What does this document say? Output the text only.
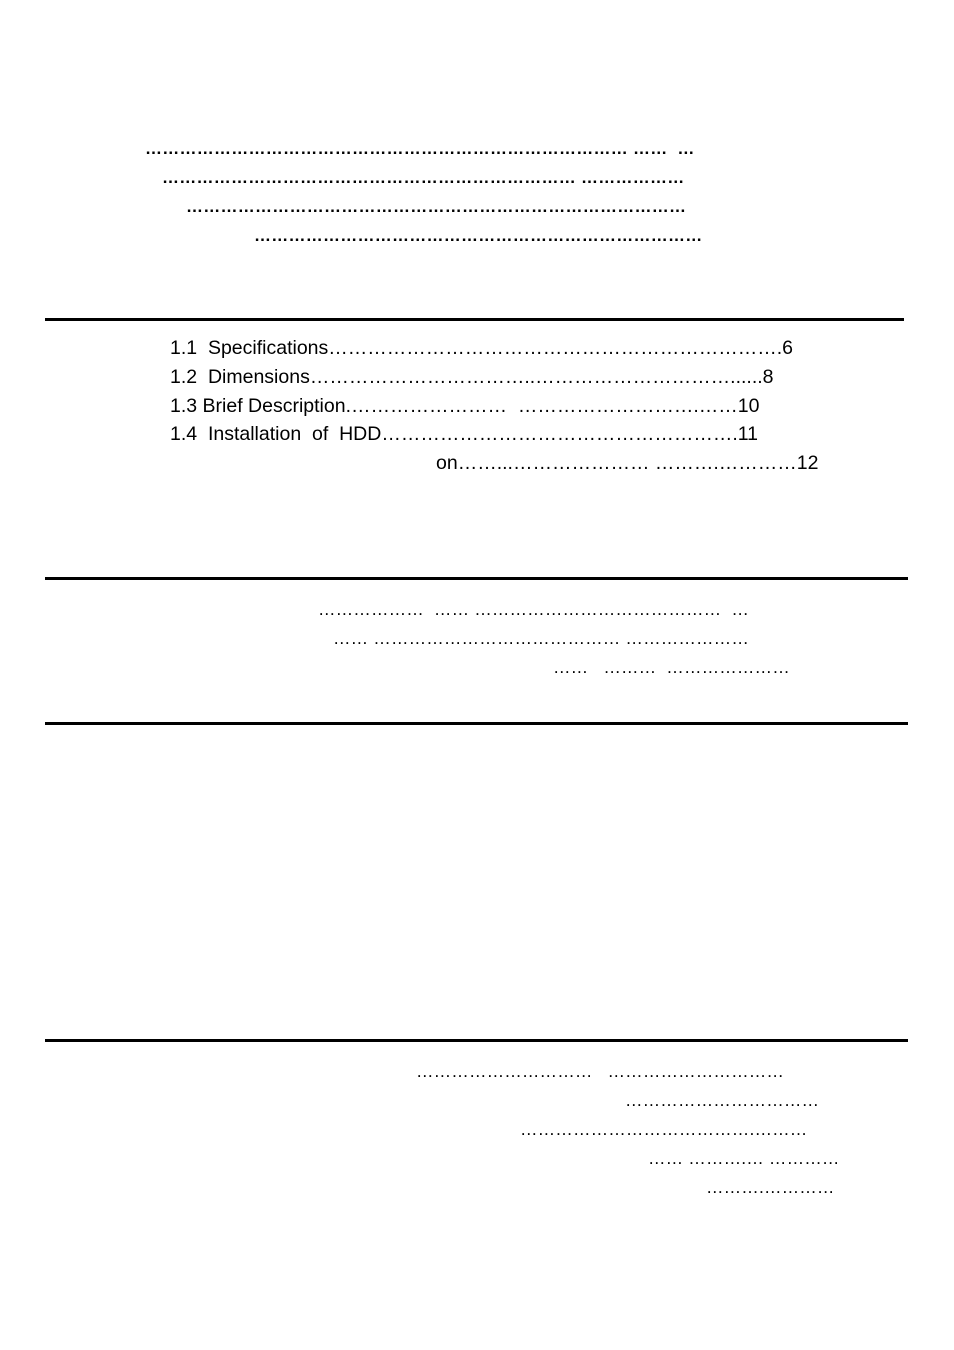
………………………………………………………………………… ……  …
……………………………………………………………… ………………
……………………………………………………………………………
……………………………………………………………………
1.1  Specifications…………………………………………………………….6
1.2  Dimensions……………………………..…………………………......8
1.3 Brief Description.……………………  ……………………….……10
1.4  Installation  of  HDD……………………………………………….11
on……...………………… ……….…………12
………………  …… ……………………………………  …
…… …………………………………… …………………
……   ………  …………………
…………………………   …………………………
……………………………
………………………………….………
…… ……….… …………
……….…………
